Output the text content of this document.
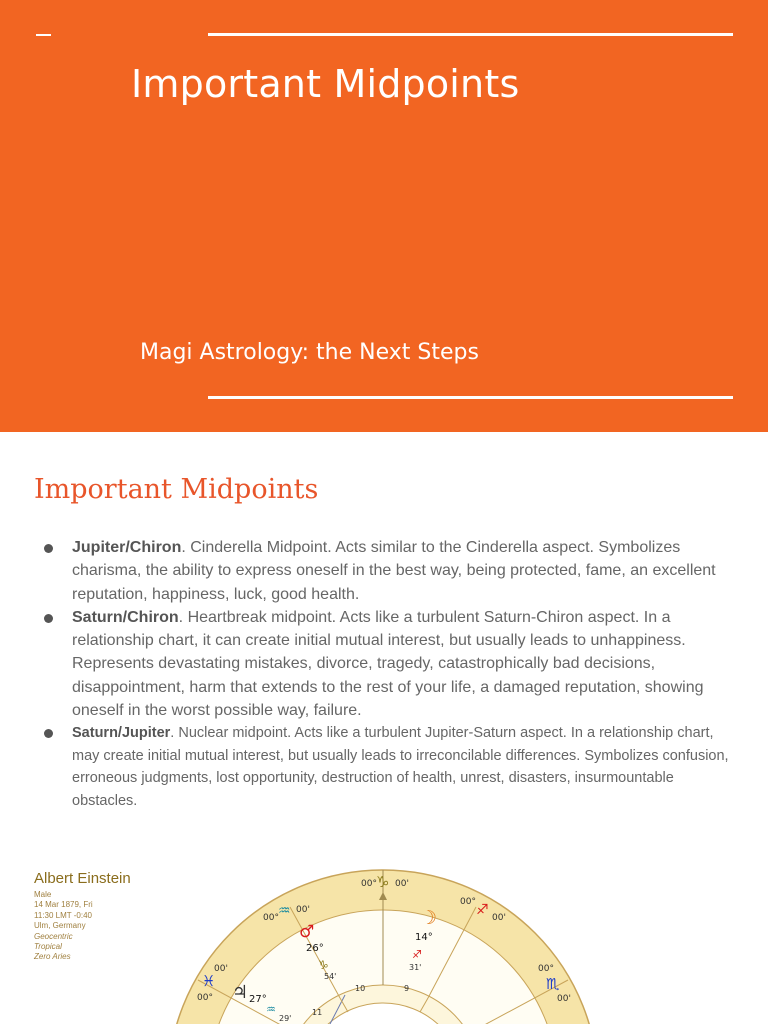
Important Midpoints
Magi Astrology: the Next Steps
Important Midpoints
Jupiter/Chiron. Cinderella Midpoint. Acts similar to the Cinderella aspect. Symbolizes charisma, the ability to express oneself in the best way, being protected, fame, an excellent reputation, happiness, luck, good health.
Saturn/Chiron. Heartbreak midpoint. Acts like a turbulent Saturn-Chiron aspect. In a relationship chart, it can create initial mutual interest, but usually leads to unhappiness. Represents devastating mistakes, divorce, tragedy, catastrophically bad decisions, disappointment, harm that extends to the rest of your life, a damaged reputation, showing oneself in the worst possible way, failure.
Saturn/Jupiter. Nuclear midpoint. Acts like a turbulent Jupiter-Saturn aspect. In a relationship chart, may create initial mutual interest, but usually leads to irreconcilable differences. Symbolizes confusion, erroneous judgments, lost opportunity, destruction of health, unrest, disasters, insurmountable obstacles.
Albert Einstein
Male
14 Mar 1879, Fri
11:30 LMT -0:40
Ulm, Germany
Geocentric
Tropical
Zero Aries
00° ♑ 00'
00° ♒ 00'
00° ♐ 00'
00'
♓
00°
00°
♏
00'
♂
26°
♑
54'
☽
14°
♐
31'
♃ 27°
♒
29'
10	9
11
